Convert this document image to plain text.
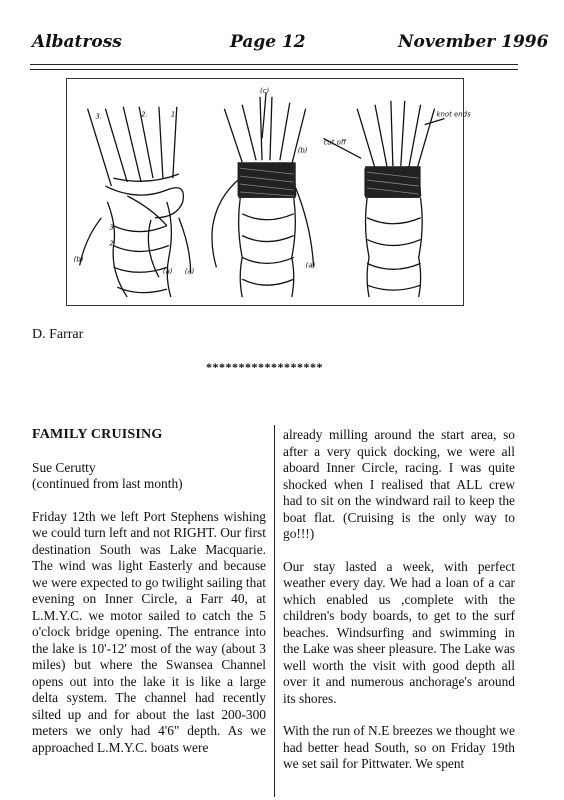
Albatross	Page 12	November 1996
3.	2.	1.
3
2
(b)
(a) (a)
(c)
(b)
(a)
cut off
knot ends
D. Farrar
******************

FAMILY CRUISING

Sue Cerutty

(continued from last month)

Friday 12th we left Port Stephens wishing we could turn left and not RIGHT. Our first destination South was Lake Macquarie. The wind was light Easterly and because we were expected to go twilight sailing that evening on Inner Circle, a Farr 40, at L.M.Y.C. we motor sailed to catch the 5 o'clock bridge opening. The entrance into the lake is 10'-12' most of the way (about 3 miles) but where the Swansea Channel opens out into the lake it is like a large delta system. The channel had recently silted up and for about the last 200-300 meters we only had 4'6" depth. As we approached L.M.Y.C. boats were

already milling around the start area, so after a very quick docking, we were all aboard Inner Circle, racing. I was quite shocked when I realised that ALL crew had to sit on the windward rail to keep the boat flat. (Cruising is the only way to go!!!)

Our stay lasted a week, with perfect weather every day. We had a loan of a car which enabled us ,complete with the children's body boards, to get to the surf beaches. Windsurfing and swimming in the Lake was sheer pleasure. The Lake was well worth the visit with good depth all over it and numerous anchorage's around its shores.

With the run of N.E breezes we thought we had better head South, so on Friday 19th we set sail for Pittwater. We spent
